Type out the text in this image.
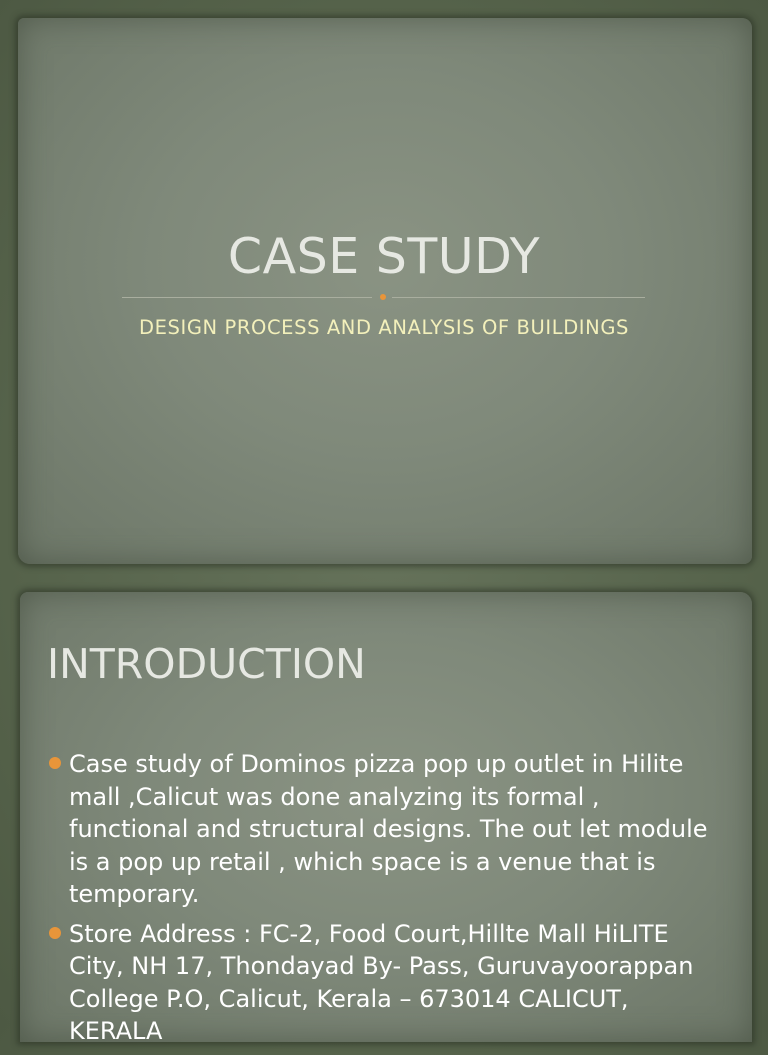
CASE STUDY

DESIGN PROCESS AND ANALYSIS OF BUILDINGS

INTRODUCTION
Case study of Dominos pizza pop up outlet in Hilite mall ,Calicut was done analyzing its formal , functional and structural designs. The out let module is a pop up retail , which space is a venue that is temporary.
Store Address : FC-2, Food Court,Hillte Mall HiLITE City, NH 17, Thondayad By- Pass, Guruvayoorappan College P.O, Calicut, Kerala – 673014 CALICUT, KERALA
